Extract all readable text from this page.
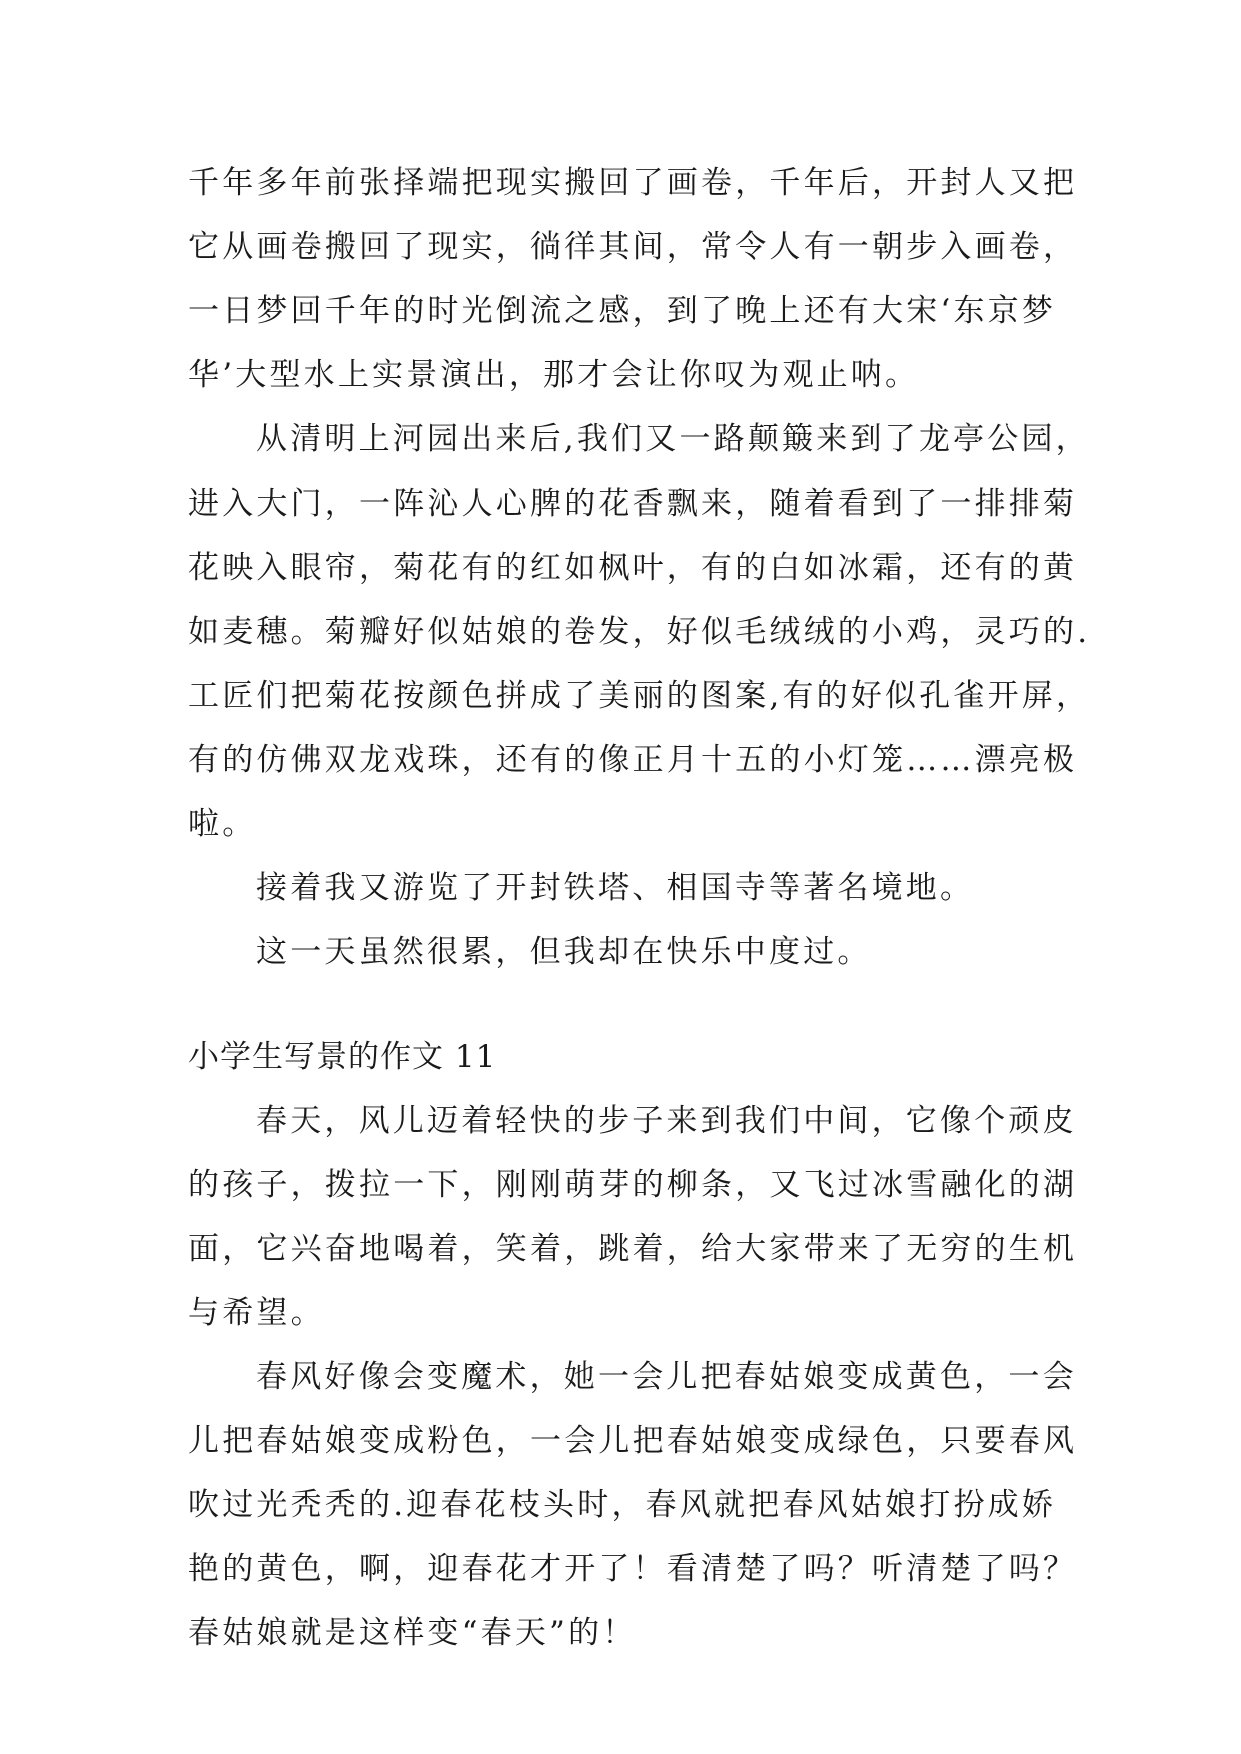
千年多年前张择端把现实搬回了画卷，千年后，开封人又把
它从画卷搬回了现实，徜徉其间，常令人有一朝步入画卷，
一日梦回千年的时光倒流之感，到了晚上还有大宋‘东京梦
华’大型水上实景演出，那才会让你叹为观止呐。
从清明上河园出来后,我们又一路颠簸来到了龙亭公园，
进入大门，一阵沁人心脾的花香飘来，随着看到了一排排菊
花映入眼帘，菊花有的红如枫叶，有的白如冰霜，还有的黄
如麦穗。菊瓣好似姑娘的卷发，好似毛绒绒的小鸡，灵巧的.
工匠们把菊花按颜色拼成了美丽的图案,有的好似孔雀开屏，
有的仿佛双龙戏珠，还有的像正月十五的小灯笼……漂亮极
啦。
接着我又游览了开封铁塔、相国寺等著名境地。
这一天虽然很累，但我却在快乐中度过。
小学生写景的作文 11
春天，风儿迈着轻快的步子来到我们中间，它像个顽皮
的孩子，拨拉一下，刚刚萌芽的柳条，又飞过冰雪融化的湖
面，它兴奋地喝着，笑着，跳着，给大家带来了无穷的生机
与希望。
春风好像会变魔术，她一会儿把春姑娘变成黄色，一会
儿把春姑娘变成粉色，一会儿把春姑娘变成绿色，只要春风
吹过光秃秃的.迎春花枝头时，春风就把春风姑娘打扮成娇
艳的黄色，啊，迎春花才开了！看清楚了吗？听清楚了吗？
春姑娘就是这样变“春天”的！
